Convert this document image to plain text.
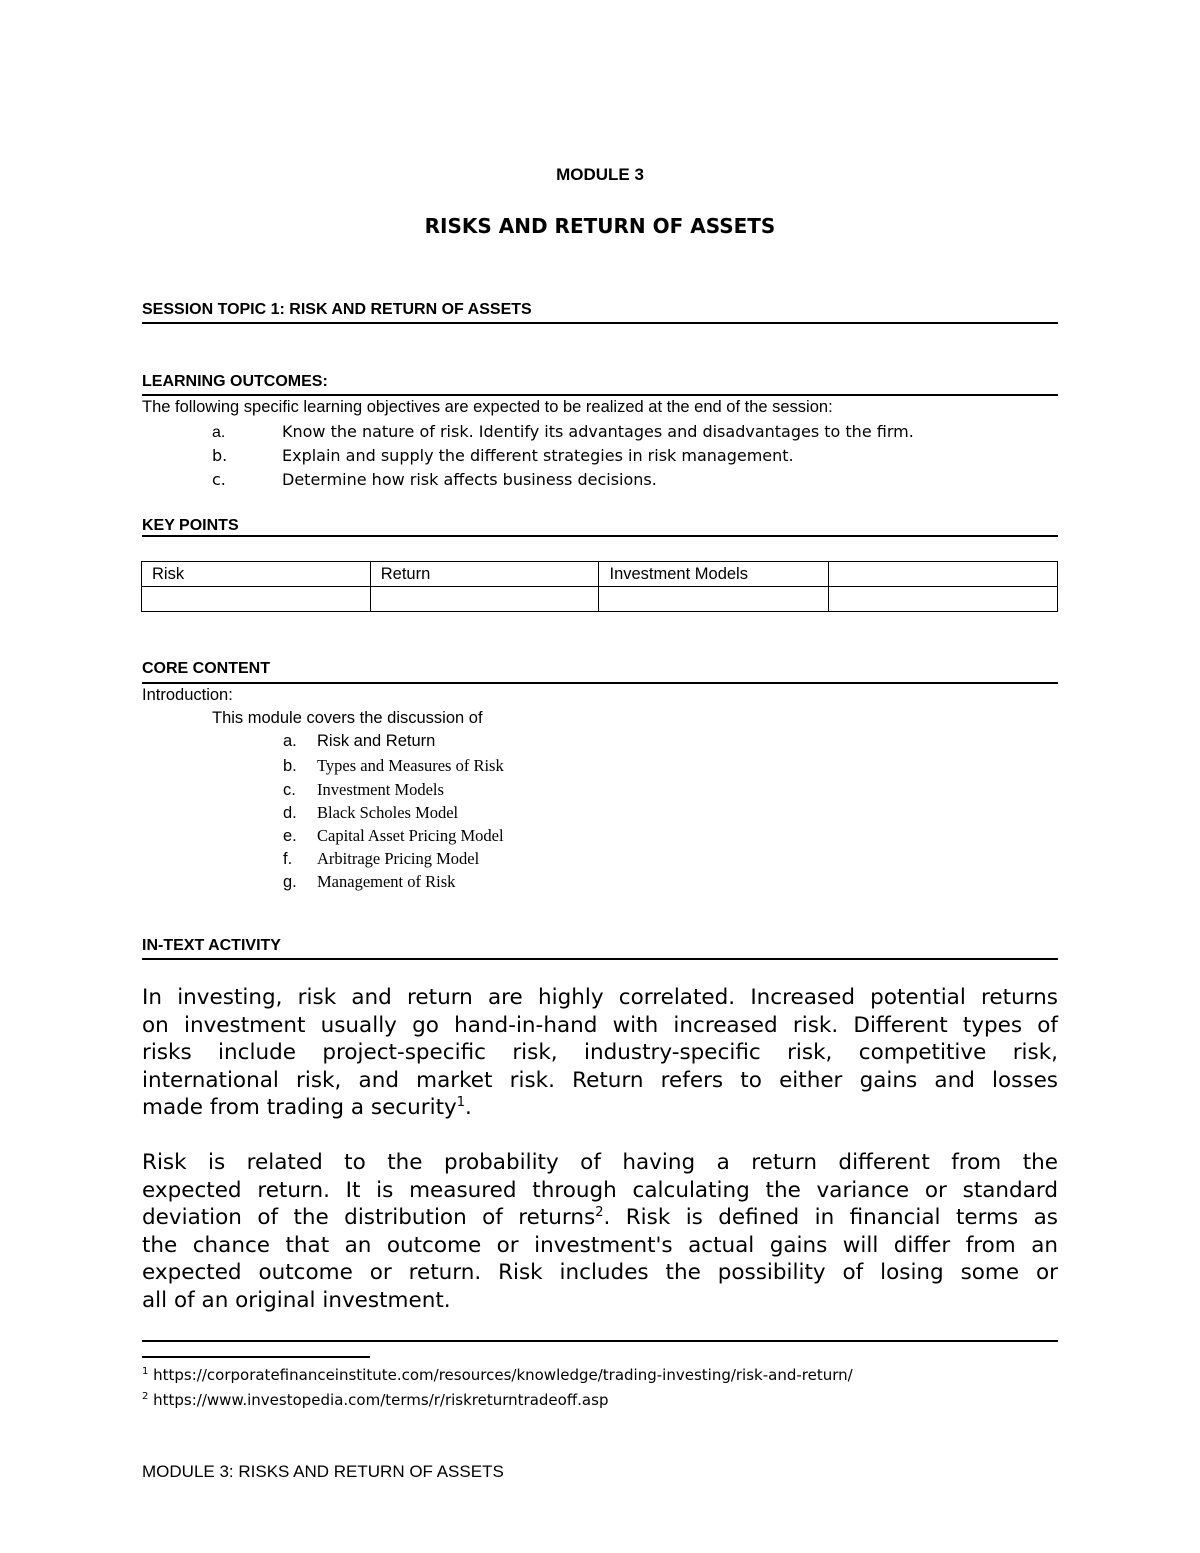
MODULE 3
RISKS AND RETURN OF ASSETS
SESSION TOPIC 1: RISK AND RETURN OF ASSETS
LEARNING OUTCOMES:
The following specific learning objectives are expected to be realized at the end of the session:
a.	Know the nature of risk. Identify its advantages and disadvantages to the firm.
b.	Explain and supply the different strategies in risk management.
c.	Determine how risk affects business decisions.
KEY POINTS
Risk	Return	Investment Models	

CORE CONTENT
Introduction:
This module covers the discussion of
a. Risk and Return
b. Types and Measures of Risk
c. Investment Models
d. Black Scholes Model
e. Capital Asset Pricing Model
f. Arbitrage Pricing Model
g. Management of Risk
IN-TEXT ACTIVITY
In investing, risk and return are highly correlated. Increased potential returns
on investment usually go hand-in-hand with increased risk. Different types of
risks include project-specific risk, industry-specific risk, competitive risk,
international risk, and market risk. Return refers to either gains and losses
made from trading a security$^1$.
Risk is related to the probability of having a return different from the
expected return. It is measured through calculating the variance or standard
deviation of the distribution of returns$^2$. Risk is defined in financial terms as
the chance that an outcome or investment's actual gains will differ from an
expected outcome or return. Risk includes the possibility of losing some or
all of an original investment.
$^1$ https://corporatefinanceinstitute.com/resources/knowledge/trading-investing/risk-and-return/
$^2$ https://www.investopedia.com/terms/r/riskreturntradeoff.asp
MODULE 3: RISKS AND RETURN OF ASSETS
